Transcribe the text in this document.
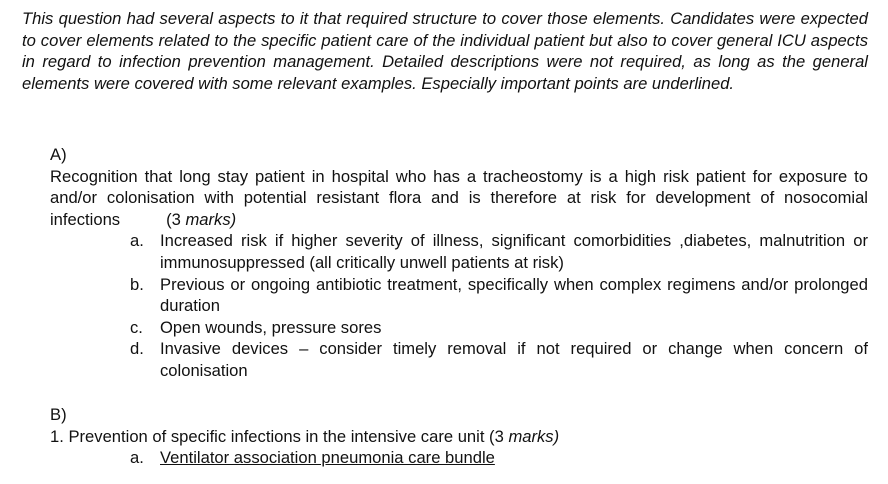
This question had several aspects to it that required structure to cover those elements. Candidates were expected to cover elements related to the specific patient care of the individual patient but also to cover general ICU aspects in regard to infection prevention management. Detailed descriptions were not required, as long as the general elements were covered with some relevant examples. Especially important points are underlined.
A)
Recognition that long stay patient in hospital who has a tracheostomy is a high risk patient for exposure to and/or colonisation with potential resistant flora and is therefore at risk for development of nosocomial infections	(3 marks)
a. Increased risk if higher severity of illness, significant comorbidities ,diabetes, malnutrition or immunosuppressed (all critically unwell patients at risk)
b. Previous or ongoing antibiotic treatment, specifically when complex regimens and/or prolonged duration
c. Open wounds, pressure sores
d. Invasive devices – consider timely removal if not required or change when concern of colonisation
B)
1. Prevention of specific infections in the intensive care unit (3 marks)
a. Ventilator association pneumonia care bundle
